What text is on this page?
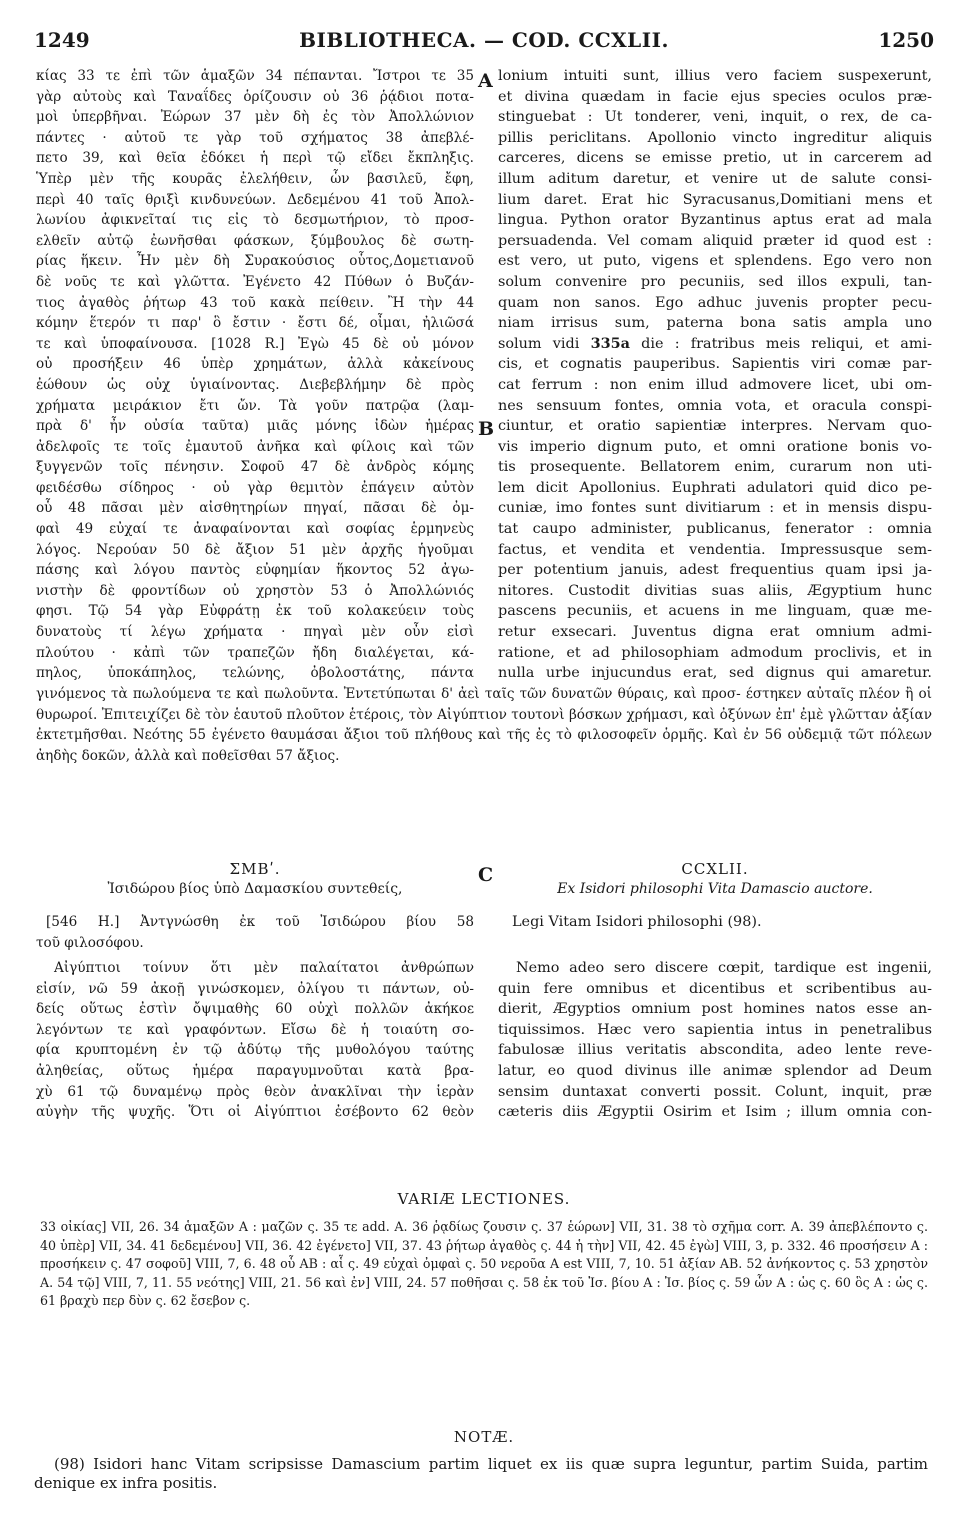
1249	BIBLIOTHECA. — COD. CCXLII.	1250
κίας 33 τε ἐπὶ τῶν ἁμαξῶν 34 πέπανται. Ἴστροι τε 35
γὰρ αὐτοὺς καὶ Ταναΐδες ὁρίζουσιν οὐ 36 ῥᾴδιοι ποτα-
μοὶ ὑπερβῆναι. Ἐώρων 37 μὲν δὴ ἐς τὸν Ἀπολλώνιον
πάντες · αὐτοῦ τε γὰρ τοῦ σχήματος 38 ἀπεβλέ-
πετο 39, καὶ θεῖα ἐδόκει ἡ περὶ τῷ εἴδει ἔκπληξις.
Ὑπὲρ μὲν τῆς κουρᾶς ἐλελήθειν, ὧν βασιλεῦ, ἔφη,
περὶ 40 ταῖς θριξὶ κινδυνεύων. Δεδεμένου 41 τοῦ Ἀπολ-
λωνίου ἀφικνεῖταί τις εἰς τὸ δεσμωτήριον, τὸ προσ-
ελθεῖν αὐτῷ ἐωνῆσθαι φάσκων, ξύμβουλος δὲ σωτη-
ρίας ἥκειν. Ἦν μὲν δὴ Συρακούσιος οὗτος,Δομετιανοῦ
δὲ νοῦς τε καὶ γλῶττα. Ἐγένετο 42 Πύθων ὁ Βυζάν-
τιος ἀγαθὸς ῥήτωρ 43 τοῦ κακὰ πείθειν. Ἢ τὴν 44
κόμην ἕτερόν τι παρ' ὃ ἔστιν · ἔστι δέ, οἶμαι, ἠλιῶσά
τε καὶ ὑποφαίνουσα. [1028 R.] Ἐγὼ 45 δὲ οὐ μόνον
οὐ προσήξειν 46 ὑπὲρ χρημάτων, ἀλλὰ κἀκείνους
ἐώθουν ὡς οὐχ ὑγιαίνοντας. Διεβεβλήμην δὲ πρὸς
χρήματα μειράκιον ἔτι ὤν. Τὰ γοῦν πατρῷα (λαμ-
πρὰ δ' ἦν οὐσία ταῦτα) μιᾶς μόνης ἰδὼν ἡμέρας
ἀδελφοῖς τε τοῖς ἐμαυτοῦ ἀνῆκα καὶ φίλοις καὶ τῶν
ξυγγενῶν τοῖς πένησιν. Σοφοῦ 47 δὲ ἀνδρὸς κόμης
φειδέσθω σίδηρος · οὐ γὰρ θεμιτὸν ἐπάγειν αὐτὸν
οὗ 48 πᾶσαι μὲν αἰσθητηρίων πηγαί, πᾶσαι δὲ ὀμ-
φαὶ 49 εὐχαί τε ἀναφαίνονται καὶ σοφίας ἑρμηνεὺς
λόγος. Νερούαν 50 δὲ ἄξιον 51 μὲν ἀρχῆς ἡγοῦμαι
πάσης καὶ λόγου παντὸς εὐφημίαν ἥκοντος 52 ἀγω-
νιστὴν δὲ φροντίδων οὐ χρηστὸν 53 ὁ Ἀπολλώνιός
φησι. Τῷ 54 γὰρ Εὐφράτῃ ἐκ τοῦ κολακεύειν τοὺς
δυνατοὺς τί λέγω χρήματα · πηγαὶ μὲν οὖν εἰσὶ
πλούτου · κἀπὶ τῶν τραπεζῶν ἤδη διαλέγεται, κά-
πηλος, ὑποκάπηλος, τελώνης, ὀβολοστάτης, πάντα
lonium intuiti sunt, illius vero faciem suspexerunt,
et divina quædam in facie ejus species oculos præ-
stinguebat : Ut tonderer, veni, inquit, o rex, de ca-
pillis periclitans. Apollonio vincto ingreditur aliquis
carceres, dicens se emisse pretio, ut in carcerem ad
illum aditum daretur, et venire ut de salute consi-
lium daret. Erat hic Syracusanus,Domitiani mens et
lingua. Python orator Byzantinus aptus erat ad mala
persuadenda. Vel comam aliquid præter id quod est :
est vero, ut puto, vigens et splendens. Ego vero non
solum convenire pro pecuniis, sed illos expuli, tan-
quam non sanos. Ego adhuc juvenis propter pecu-
niam irrisus sum, paterna bona satis ampla uno
solum vidi 335a die : fratribus meis reliqui, et ami-
cis, et cognatis pauperibus. Sapientis viri comæ par-
cat ferrum : non enim illud admovere licet, ubi om-
nes sensuum fontes, omnia vota, et oracula conspi-
ciuntur, et oratio sapientiæ interpres. Nervam quo-
vis imperio dignum puto, et omni oratione bonis vo-
tis prosequente. Bellatorem enim, curarum non uti-
lem dicit Apollonius. Euphrati adulatori quid dico pe-
cuniæ, imo fontes sunt divitiarum : et in mensis dispu-
tat caupo administer, publicanus, fenerator : omnia
factus, et vendita et vendentia. Impressusque sem-
per potentium januis, adest frequentius quam ipsi ja-
nitores. Custodit divitias suas aliis, Ægyptium hunc
pascens pecuniis, et acuens in me linguam, quæ me-
retur exsecari. Juventus digna erat omnium admi-
ratione, et ad philosophiam admodum proclivis, et in
nulla urbe injucundus erat, sed dignus qui amaretur.
A
B
C

γινόμενος τὰ πωλούμενα τε καὶ πωλοῦντα. Ἐντετύπωται δ' ἀεὶ ταῖς τῶν δυνατῶν θύραις, καὶ προσ- έστηκεν αὐταῖς πλέον ἢ οἱ θυρωροί. Ἐπιτειχίζει δὲ τὸν ἑαυτοῦ πλοῦτον ἑτέροις, τὸν Αἰγύπτιον τουτονὶ βόσκων χρήμασι, καὶ ὀξύνων ἐπ' ἐμὲ γλῶτταν ἀξίαν ἐκτετμῆσθαι. Νεότης 55 ἐγένετο θαυμάσαι ἄξιοι τοῦ πλήθους καὶ τῆς ἐς τὸ φιλοσοφεῖν ὁρμῆς. Καὶ ἐν 56 οὐδεμιᾷ τῶτ πόλεων ἀηδὴς δοκῶν, ἀλλὰ καὶ ποθεῖσθαι 57 ἄξιος.

ΣΜΒʹ.
Ἰσιδώρου βίος ὑπὸ Δαμασκίου συντεθείς,
CCXLII.
Ex Isidori philosophi Vita Damascio auctore.
[546 H.] Ἀντγνώσθη ἐκ τοῦ Ἰσιδώρου βίου 58
τοῦ φιλοσόφου.
Legi Vitam Isidori philosophi (98).
Αἰγύπτιοι τοίνυν ὅτι μὲν παλαίτατοι ἀνθρώπων
εἰσίν, νῶ 59 ἀκοῇ γινώσκομεν, ὀλίγου τι πάντων, οὐ-
δείς οὕτως ἐστὶν ὄψιμαθὴς 60 οὐχὶ πολλῶν ἀκήκοε
λεγόντων τε καὶ γραφόντων. Εἴσω δὲ ἡ τοιαύτη σο-
φία κρυπτομένη ἐν τῷ ἀδύτῳ τῆς μυθολόγου ταύτης
ἀληθείας, οὕτως ἡμέρα παραγυμνοῦται κατὰ βρα-
χὺ 61 τῷ δυναμένῳ πρὸς θεὸν ἀνακλῖναι τὴν ἱερὰν
αὐγὴν τῆς ψυχῆς. Ὅτι οἱ Αἰγύπτιοι ἐσέβοντο 62 θεὸν
Nemo adeo sero discere cœpit, tardique est ingenii,
quin fere omnibus et dicentibus et scribentibus au-
dierit, Ægyptios omnium post homines natos esse an-
tiquissimos. Hæc vero sapientia intus in penetralibus
fabulosæ illius veritatis abscondita, adeo lente reve-
latur, eo quod divinus ille animæ splendor ad Deum
sensim duntaxat converti possit. Colunt, inquit, præ
cæteris diis Ægyptii Osirim et Isim ; illum omnia con-
VARIÆ LECTIONES.
33 οἰκίας] VII, 26. 34 ἁμαξῶν A : μαζῶν ς. 35 τε add. A. 36 ῥᾳδίως ζουσιν ς. 37 ἑώρων] VII, 31. 38 τὸ σχῆμα corr. A. 39 ἀπεβλέποντο ς. 40 ὑπὲρ] VII, 34. 41 δεδεμένου] VII, 36. 42 ἐγένετο] VII, 37. 43 ῥήτωρ ἀγαθὸς ς. 44 ἡ τὴν] VII, 42. 45 ἐγὼ] VIII, 3, p. 332. 46 προσήσειν A : προσήκειν ς. 47 σοφοῦ] VIII, 7, 6. 48 οὗ AB : αἷ ς. 49 εὐχαὶ ὀμφαὶ ς. 50 νεροῦα A est VIII, 7, 10. 51 ἀξίαν AB. 52 ἀνήκοντος ς. 53 χρηστὸν A. 54 τῷ] VIII, 7, 11. 55 νεότης] VIII, 21. 56 καὶ ἐν] VIII, 24. 57 ποθῆσαι ς. 58 ἐκ τοῦ Ἰσ. βίου A : Ἰσ. βίος ς. 59 ὧν A : ὡς ς. 60 ὃς A : ὡς ς. 61 βραχὺ περ δὺν ς. 62 ἔσεβον ς.
NOTÆ.
(98) Isidori hanc Vitam scripsisse Damascium partim liquet ex iis quæ supra leguntur, partim Suida, partim denique ex infra positis.
